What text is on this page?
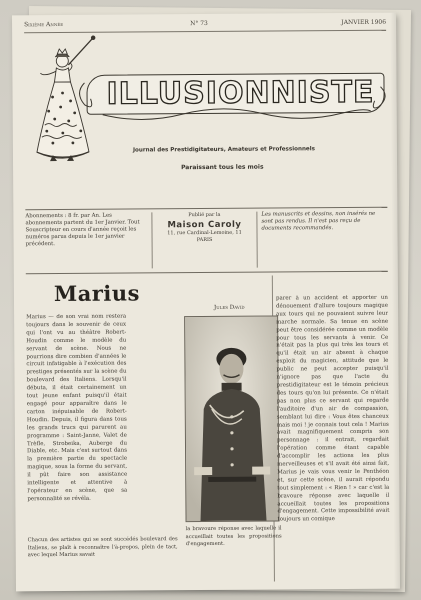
Sixième Année	N° 73	JANVIER 1906
ILLUSIONNISTE
Journal des Prestidigitateurs, Amateurs et Professionnels
Paraissant tous les mois
Abonnements : 8 fr. par An. Les abonnements partent du 1er Janvier. Tout Souscripteur en cours d'année reçoit les numéros parus depuis le 1er janvier précédent.
Publié par la
Maison Caroly
11, rue Cardinal-Lemoine, 11
PARIS
Les manuscrits et dessins, non insérés ne sont pas rendus. Il n'est pas reçu de documents recommandés.
Marius
Marius — de son vrai nom restera toujours dans le souvenir de ceux qui l'ont vu au théâtre Robert-Houdin comme le modèle du servant de scène. Nous ne pourrions dire combien d'années le circuit infatigable à l'exécution des prestiges présentés sur la scène du boulevard des Italiens. Lorsqu'il débuta, il était certainement un tout jeune enfant puisqu'il était engagé pour apparaître dans le carton inépuisable de Robert-Houdin. Depuis, il figura dans tous les grands trucs qui parurent au programme : Saint-Janne, Valet de Trèfle, Strobeika, Auberge du Diable, etc. Mais c'est surtout dans la première partie du spectacle magique, sous la forme du servant, il pût faire son assistance intelligente et attentive à l'opérateur en scène, que sa personnalité se révéla.
Jules David
parer à un accident et apporter un dénouement d'allure toujours magique aux tours qui ne pouvaient suivre leur marche normale. Sa tenue en scène peut être considérée comme un modèle pour tous les servants à venir. Ce n'était pas la plus qui très les tours et qu'il était un air absent à chaque exploit du magicien, attitude que le public ne peut accepter puisqu'il n'ignore pas que l'acte du prestidigitateur est le témoin précieux des tours qu'on lui présente. Ce n'était pas non plus ce servant qui regarde l'auditoire d'un air de compassion, semblant lui dire : Vous êtes chanceux mais moi ! je connais tout cela ! Marius avait magnifiquement compris son personnage : il entrait, regardait l'opération comme étant capable d'accomplir les actions les plus merveilleuses et s'il avait été ainsi fait, Marius je vais vous venir le Penthéon et, sur cette scène, il aurait répondu tout simplement : « Rien ! » car c'est la bravoure réponse avec laquelle il accueillait toutes les propositions d'engagement. Cette impossibilité avait toujours un comique
la bravoure réponse avec laquelle il accueillait toutes les propositions d'engagement.
Chacun des artistes qui se sont succédés boulevard des Italiens, se plaît à reconnaître l'à-propos, plein de tact, avec lequel Marius savait
